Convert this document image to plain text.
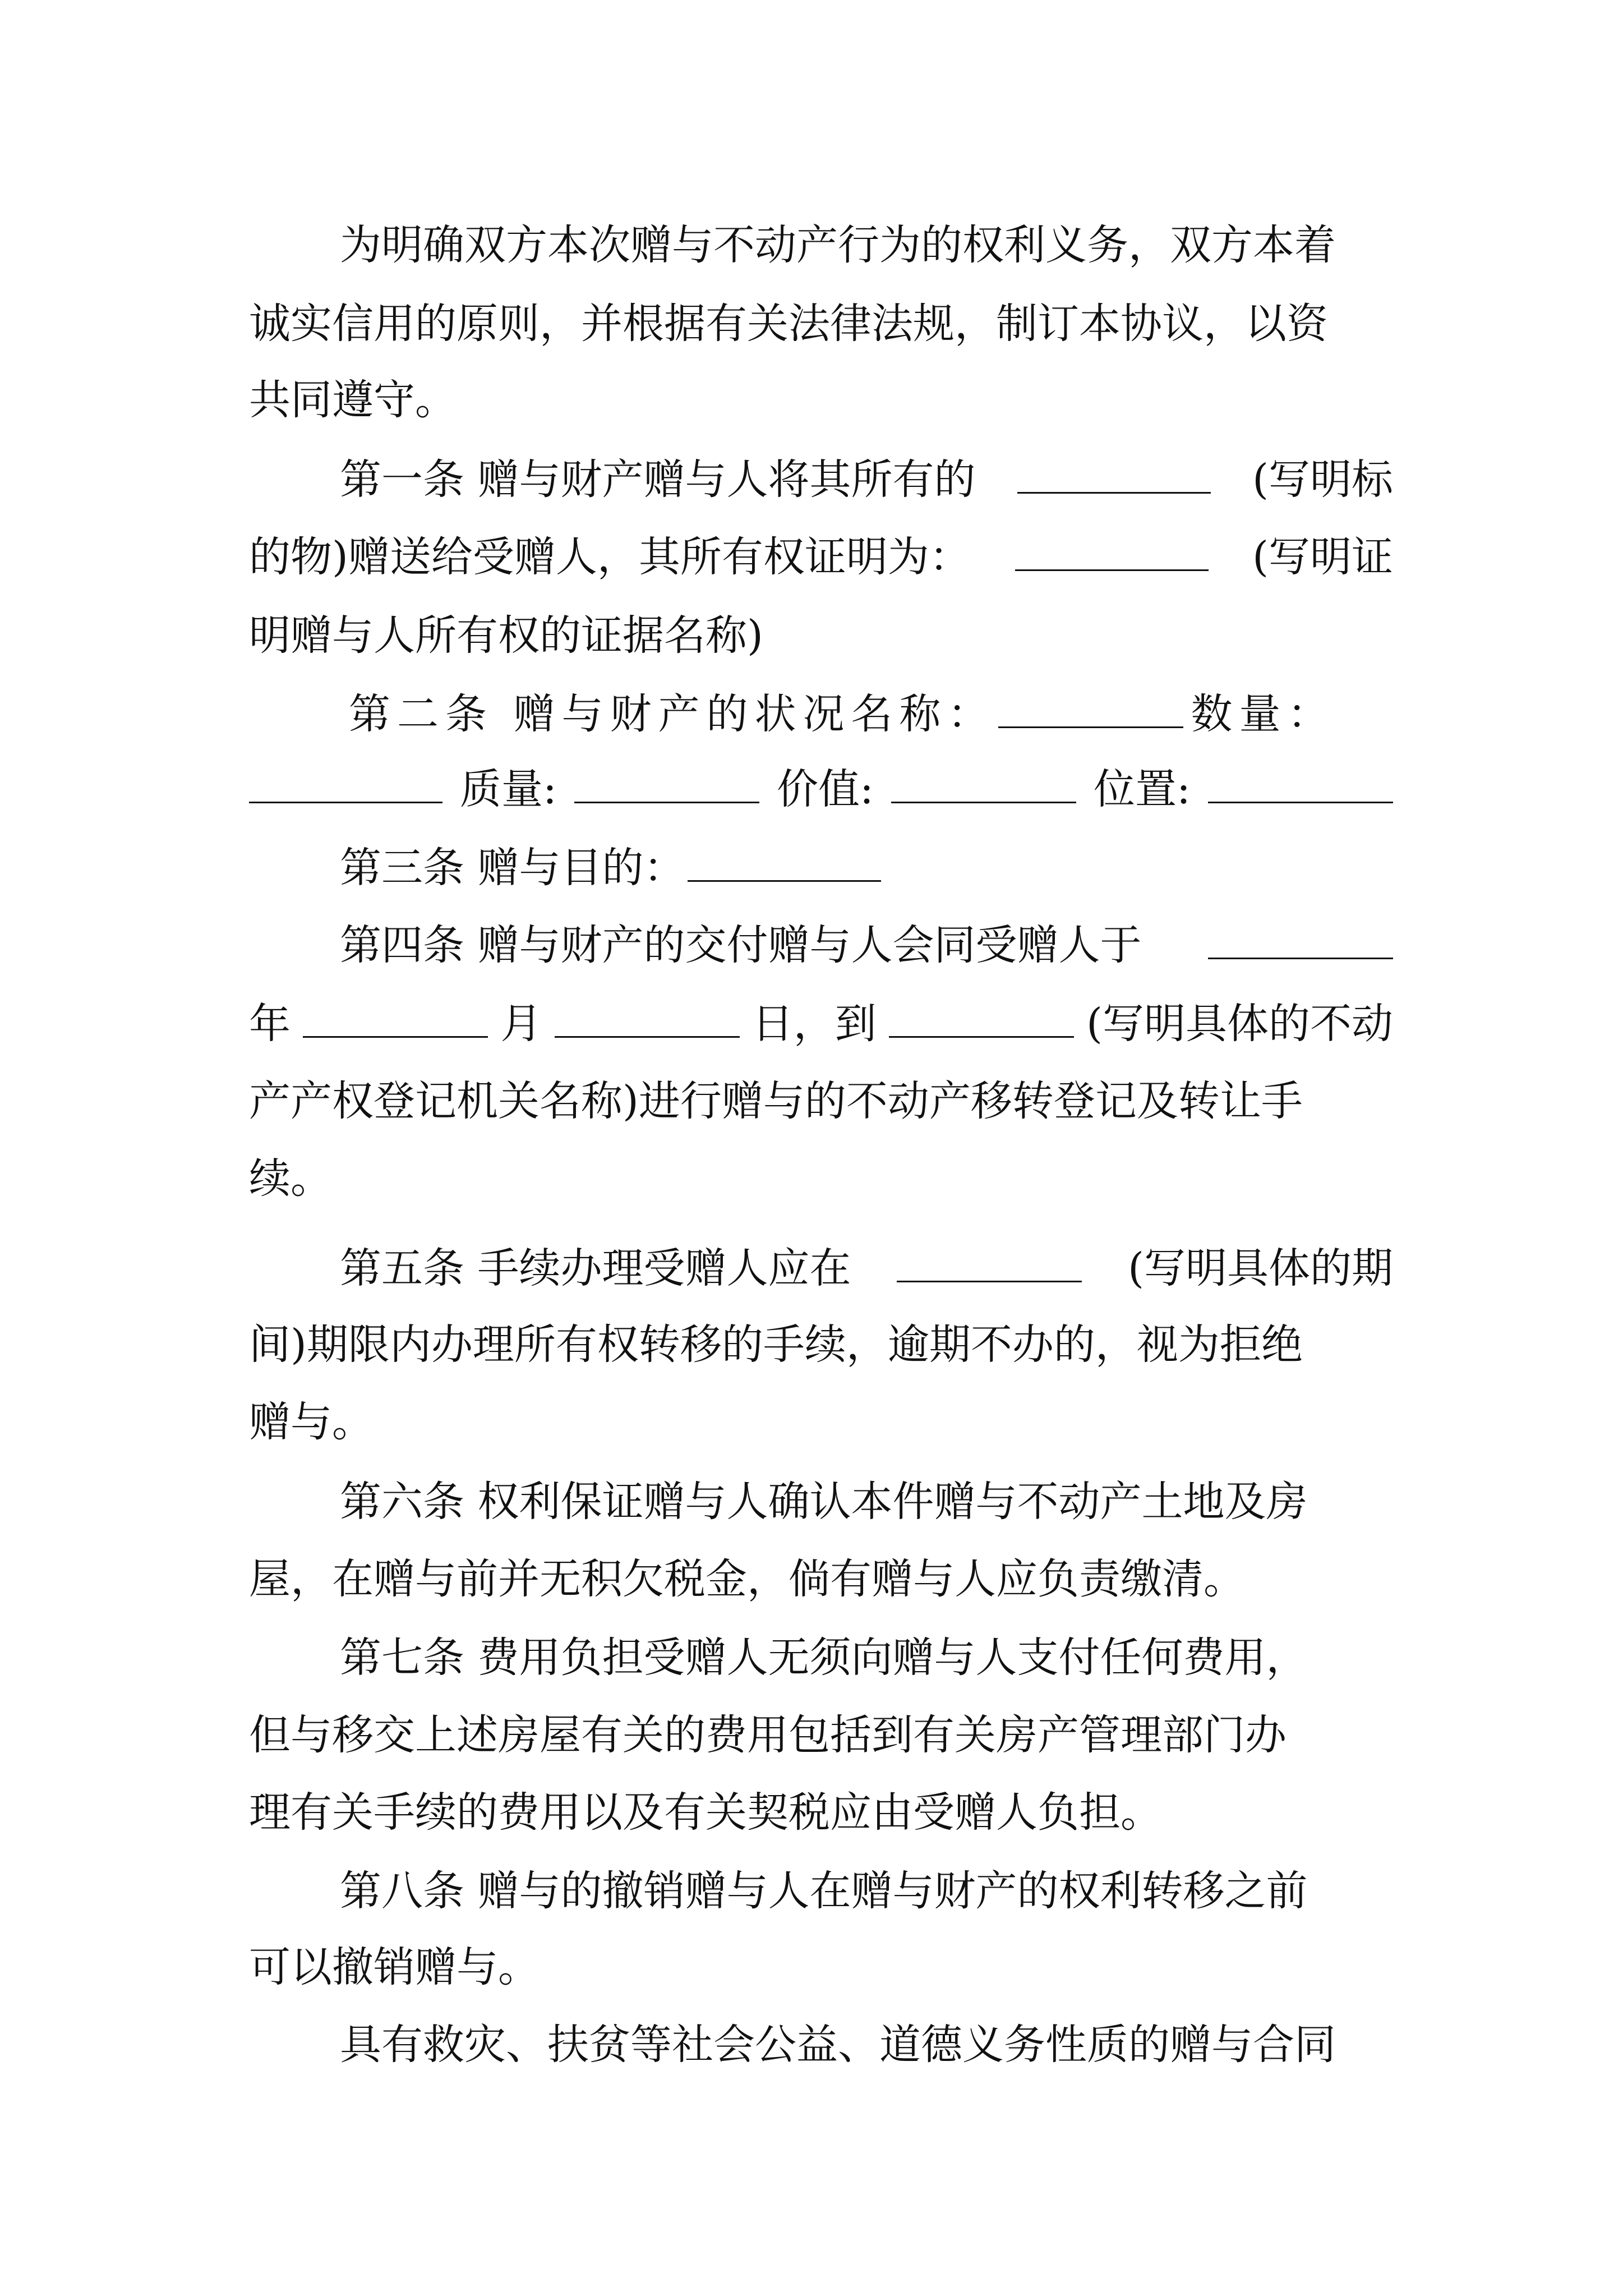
为明确双方本次赠与不动产行为的权利义务，双方本着
诚实信用的原则，并根据有关法律法规，制订本协议，以资
共同遵守。
第一条 赠与财产赠与人将其所有的	(写明标
的物)赠送给受赠人，其所有权证明为：	(写明证
明赠与人所有权的证据名称)
第二条 赠与财产的状况名称：	数量：
质量:	价值:	位置:
第三条 赠与目的：
第四条 赠与财产的交付赠与人会同受赠人于
年	月	日，到	(写明具体的不动
产产权登记机关名称)进行赠与的不动产移转登记及转让手
续。
第五条 手续办理受赠人应在	(写明具体的期
间)期限内办理所有权转移的手续，逾期不办的，视为拒绝
赠与。
第六条 权利保证赠与人确认本件赠与不动产土地及房
屋，在赠与前并无积欠税金，倘有赠与人应负责缴清。
第七条 费用负担受赠人无须向赠与人支付任何费用，
但与移交上述房屋有关的费用包括到有关房产管理部门办
理有关手续的费用以及有关契税应由受赠人负担。
第八条 赠与的撤销赠与人在赠与财产的权利转移之前
可以撤销赠与。
具有救灾、扶贫等社会公益、道德义务性质的赠与合同
